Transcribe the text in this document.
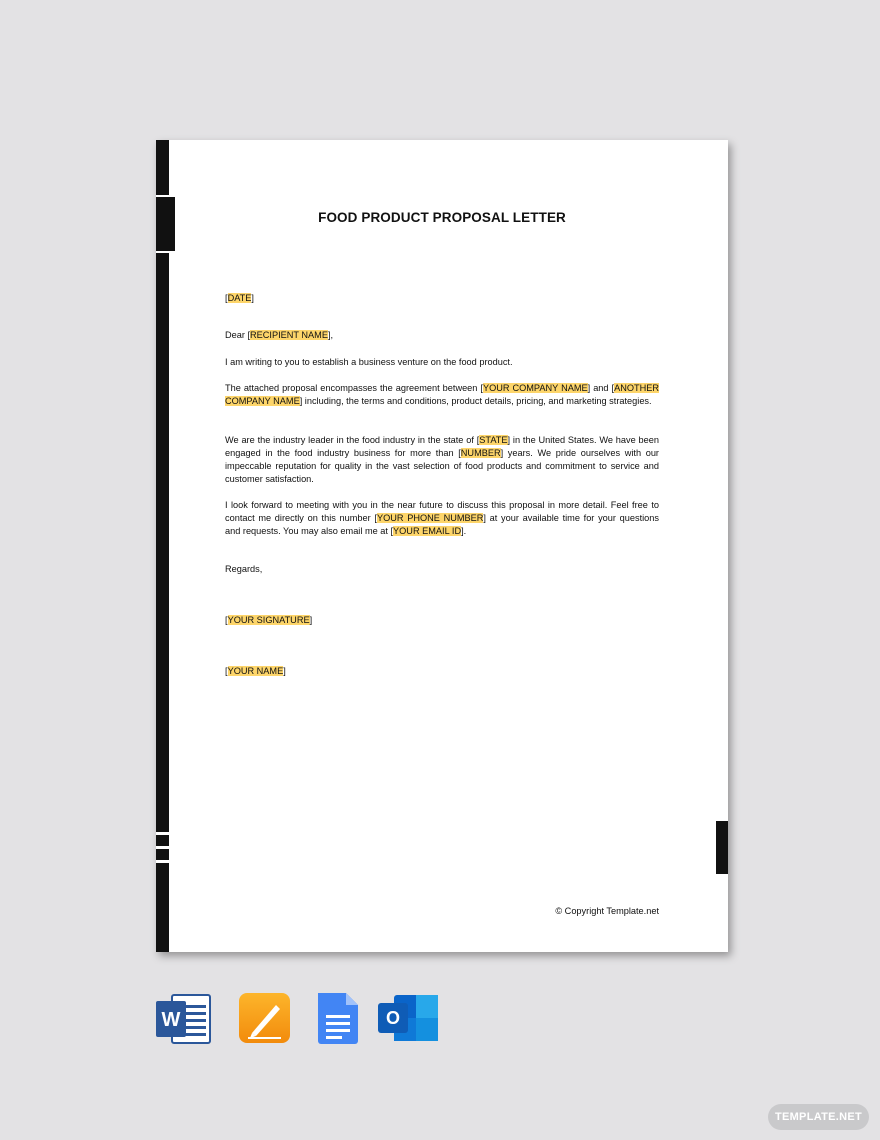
FOOD PRODUCT PROPOSAL LETTER

[DATE]

Dear [RECIPIENT NAME],

I am writing to you to establish a business venture on the food product.

The attached proposal encompasses the agreement between [YOUR COMPANY NAME] and [ANOTHER COMPANY NAME] including, the terms and conditions, product details, pricing, and marketing strategies.

We are the industry leader in the food industry in the state of [STATE] in the United States. We have been engaged in the food industry business for more than [NUMBER] years. We pride ourselves with our impeccable reputation for quality in the vast selection of food products and commitment to service and customer satisfaction.

I look forward to meeting with you in the near future to discuss this proposal in more detail. Feel free to contact me directly on this number [YOUR PHONE NUMBER] at your available time for your questions and requests. You may also email me at [YOUR EMAIL ID].

Regards,

[YOUR SIGNATURE]

[YOUR NAME]

© Copyright Template.net
W	O
TEMPLATE.NET
